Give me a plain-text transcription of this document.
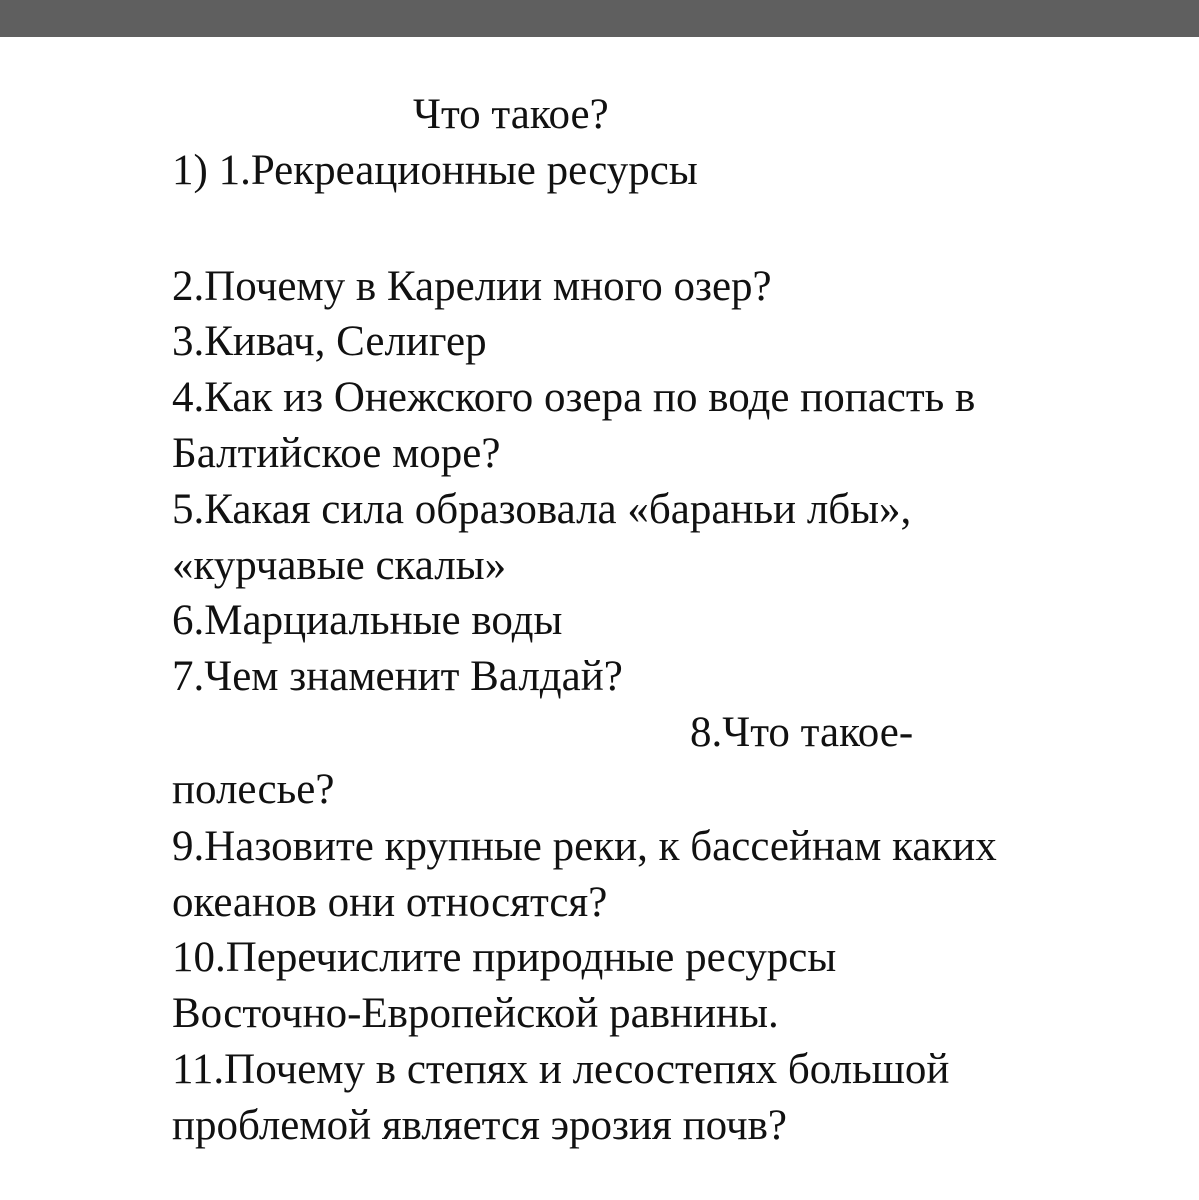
Что такое?

1) 1.Рекреационные ресурсы

2.Почему в Карелии много озер?

3.Кивач, Селигер

4.Как из Онежского озера по воде попасть в

Балтийское море?

5.Какая сила образовала «бараньи лбы»,

«курчавые скалы»

6.Марциальные воды

7.Чем знаменит Валдай?

8.Что такое-

полесье?

9.Назовите крупные реки, к бассейнам каких

океанов они относятся?

10.Перечислите природные ресурсы

Восточно-Европейской равнины.

11.Почему в степях и лесостепях большой

проблемой является эрозия почв?
